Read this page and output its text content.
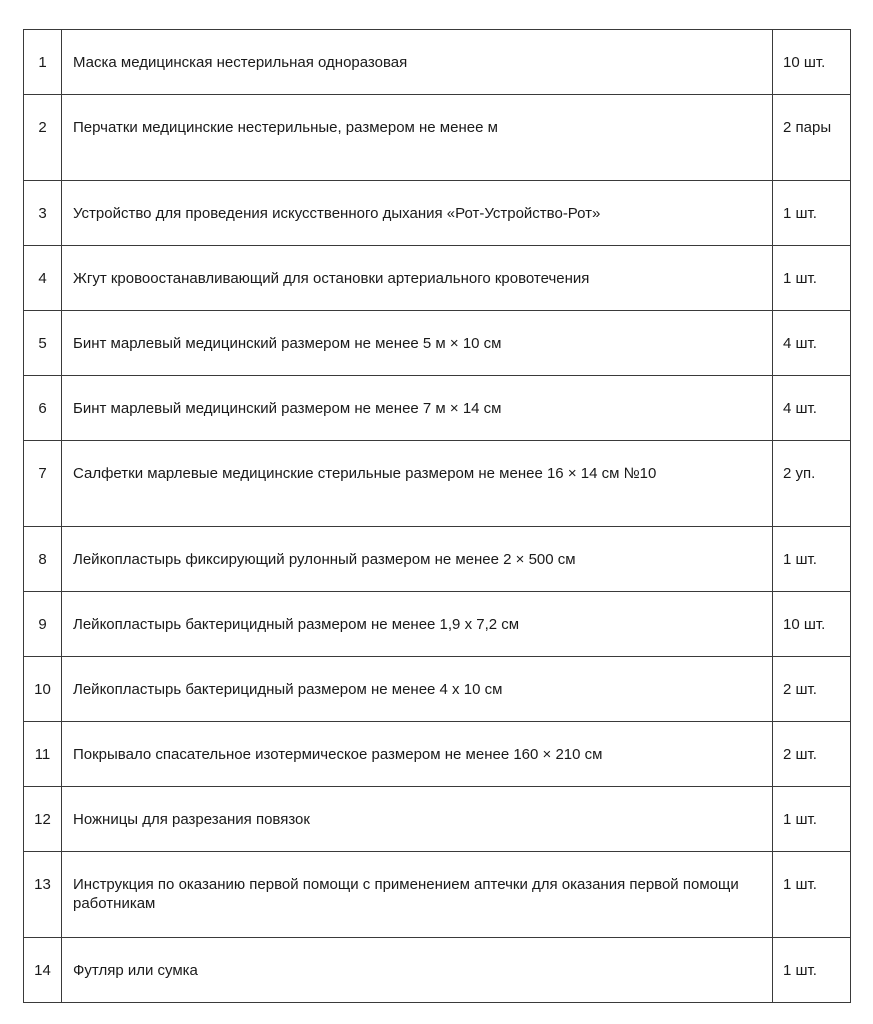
1	Маска медицинская нестерильная одноразовая	10 шт.

2	Перчатки медицинские нестерильные, размером не менее м	2 пары

3	Устройство для проведения искусственного дыхания «Рот-Устройство-Рот»	1 шт.

4	Жгут кровоостанавливающий для остановки артериального кровотечения	1 шт.

5	Бинт марлевый медицинский размером не менее 5 м × 10 см	4 шт.

6	Бинт марлевый медицинский размером не менее 7 м × 14 см	4 шт.

7	Салфетки марлевые медицинские стерильные размером не менее 16 × 14 см №10	2 уп.

8	Лейкопластырь фиксирующий рулонный размером не менее 2 × 500 см	1 шт.

9	Лейкопластырь бактерицидный размером не менее 1,9 х 7,2 см	10 шт.

10	Лейкопластырь бактерицидный размером не менее 4 х 10 см	2 шт.

11	Покрывало спасательное изотермическое размером не менее 160 × 210 см	2 шт.

12	Ножницы для разрезания повязок	1 шт.

13	Инструкция по оказанию первой помощи с применением аптечки для оказания первой помощи работникам	1 шт.

14	Футляр или сумка	1 шт.
